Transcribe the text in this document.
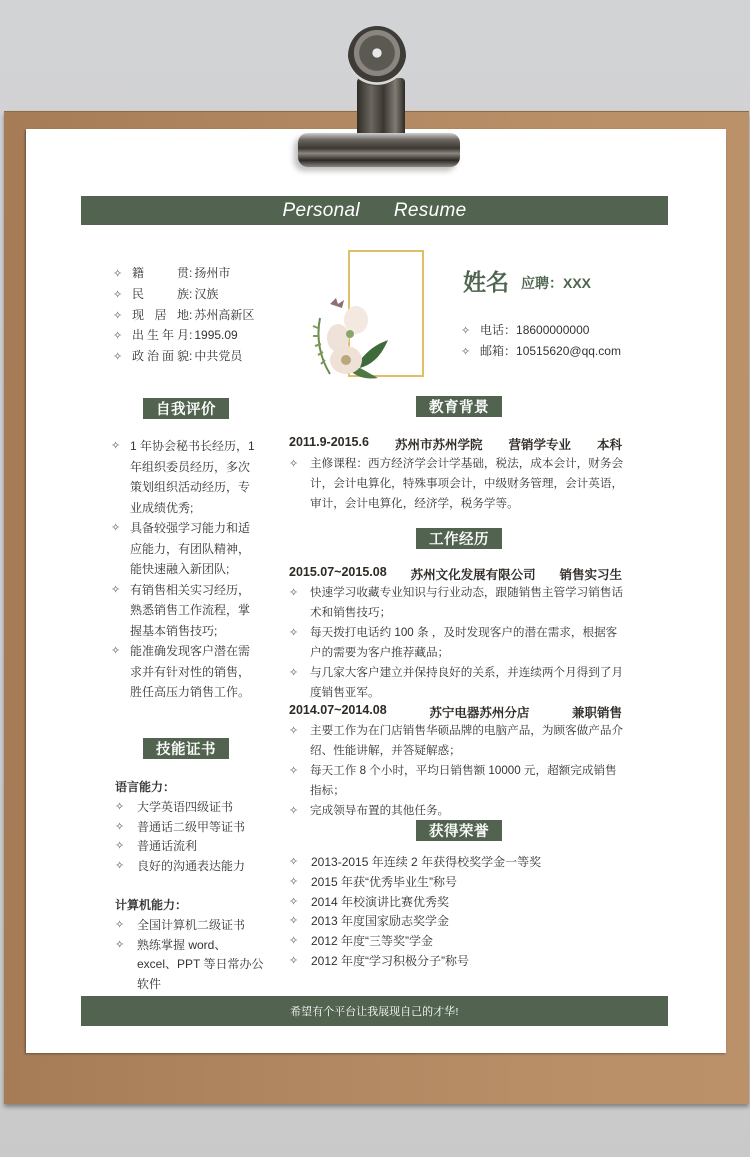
Personal Resume
✧ 籍贯 : 扬州市
✧ 民族 : 汉族
✧ 现居地 : 苏州高新区
✧ 出生年月 : 1995.09
✧ 政治面貌 : 中共党员
姓名 应聘：XXX
✧ 电话： 18600000000
✧ 邮箱： 10515620@qq.com
自我评价
✧ 1 年协会秘书长经历，1 年组织委员经历，多次策划组织活动经历，专业成绩优秀;
✧ 具备较强学习能力和适应能力，有团队精神，能快速融入新团队;
✧ 有销售相关实习经历，熟悉销售工作流程，掌握基本销售技巧;
✧ 能准确发现客户潜在需求并有针对性的销售，胜任高压力销售工作。
技能证书
语言能力：
✧	大学英语四级证书
✧	普通话二级甲等证书
✧	普通话流利
✧	良好的沟通表达能力
计算机能力：
✧	全国计算机二级证书
✧	熟练掌握 word、excel、PPT 等日常办公软件
教育背景
2011.9-2015.6 苏州市苏州学院 营销学专业 本科
✧	主修课程：西方经济学会计学基础，税法，成本会计，财务会计，会计电算化，特殊事项会计，中级财务管理，会计英语，审计，会计电算化，经济学，税务学等。
工作经历
2015.07~2015.08 苏州文化发展有限公司 销售实习生
✧	快速学习收藏专业知识与行业动态，跟随销售主管学习销售话术和销售技巧；
✧	每天拨打电话约 100 条 ，及时发现客户的潜在需求，根据客户的需要为客户推荐藏品；
✧	与几家大客户建立并保持良好的关系，并连续两个月得到了月度销售亚军。
2014.07~2014.08	苏宁电器苏州分店	兼职销售
✧	主要工作为在门店销售华硕品牌的电脑产品，为顾客做产品介绍、性能讲解，并答疑解惑；
✧	每天工作 8 个小时，平均日销售额 10000 元，超额完成销售指标；
✧	完成领导布置的其他任务。
获得荣誉
✧	2013-2015 年连续 2 年获得校奖学金一等奖
✧	2015 年获“优秀毕业生”称号
✧	2014 年校演讲比赛优秀奖
✧	2013 年度国家励志奖学金
✧	2012 年度“三等奖”学金
✧	2012 年度“学习积极分子”称号
希望有个平台让我展现自己的才华!
